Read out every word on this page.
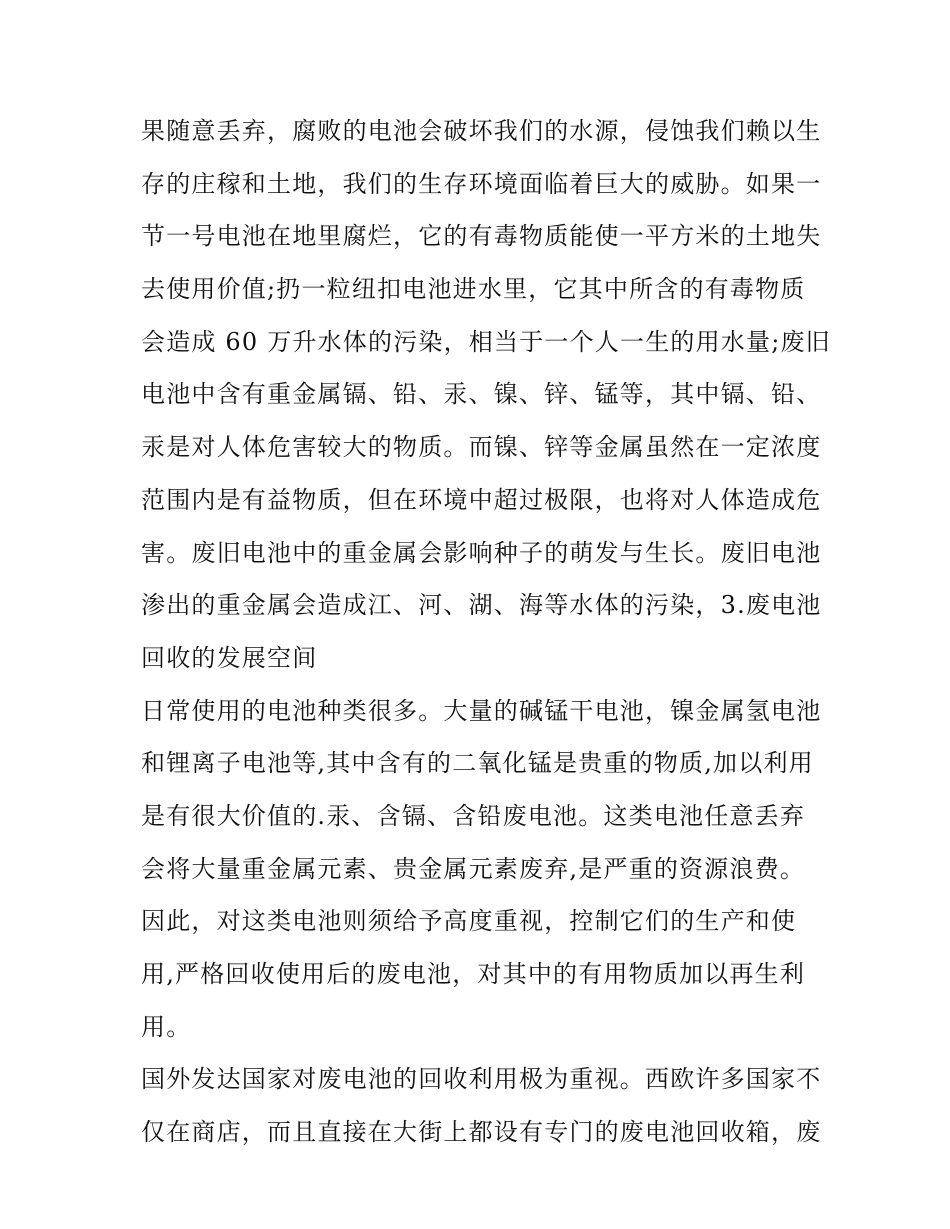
果随意丢弃，腐败的电池会破坏我们的水源，侵蚀我们赖以生
存的庄稼和土地，我们的生存环境面临着巨大的威胁。如果一
节一号电池在地里腐烂，它的有毒物质能使一平方米的土地失
去使用价值;扔一粒纽扣电池进水里，它其中所含的有毒物质
会造成 60 万升水体的污染，相当于一个人一生的用水量;废旧
电池中含有重金属镉、铅、汞、镍、锌、锰等，其中镉、铅、
汞是对人体危害较大的物质。而镍、锌等金属虽然在一定浓度
范围内是有益物质，但在环境中超过极限，也将对人体造成危
害。废旧电池中的重金属会影响种子的萌发与生长。废旧电池
渗出的重金属会造成江、河、湖、海等水体的污染，3.废电池
回收的发展空间
日常使用的电池种类很多。大量的碱锰干电池，镍金属氢电池
和锂离子电池等,其中含有的二氧化锰是贵重的物质,加以利用
是有很大价值的.汞、含镉、含铅废电池。这类电池任意丢弃
会将大量重金属元素、贵金属元素废弃,是严重的资源浪费。
因此，对这类电池则须给予高度重视，控制它们的生产和使
用,严格回收使用后的废电池，对其中的有用物质加以再生利
用。
国外发达国家对废电池的回收利用极为重视。西欧许多国家不
仅在商店，而且直接在大街上都设有专门的废电池回收箱，废
